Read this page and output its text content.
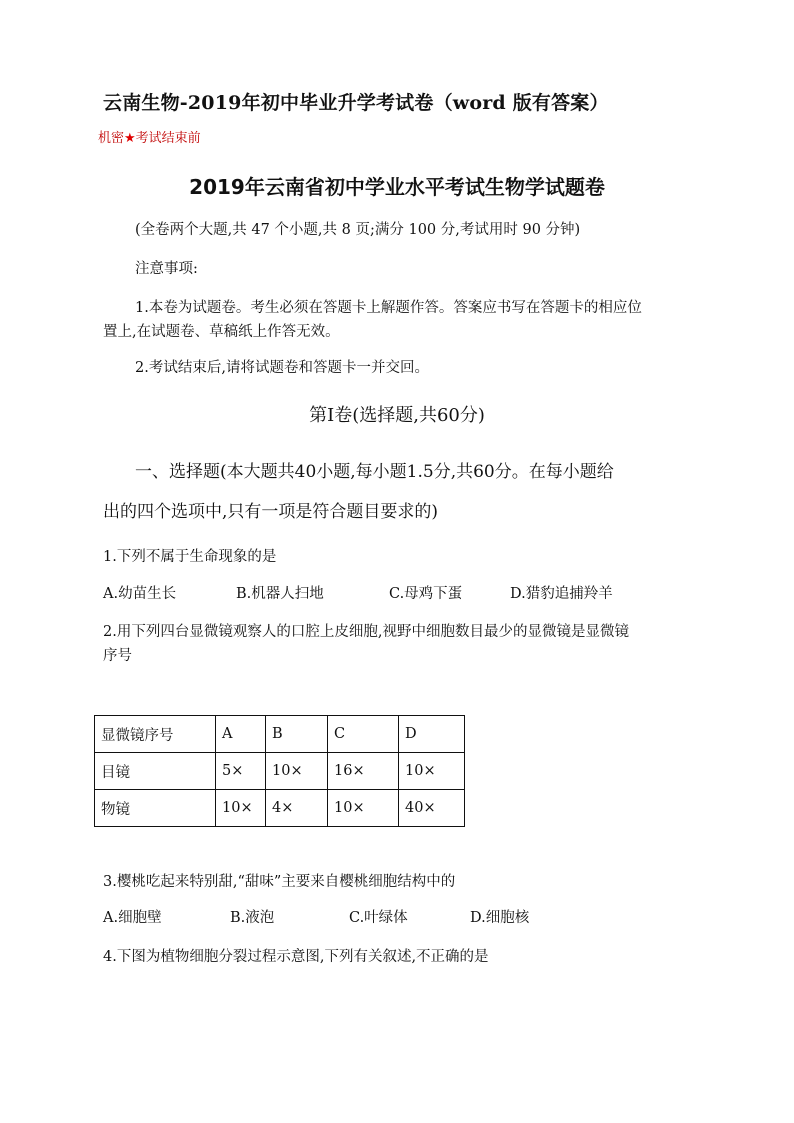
云南生物-2019年初中毕业升学考试卷（word 版有答案）
机密★考试结束前
2019年云南省初中学业水平考试生物学试题卷
(全卷两个大题,共 47 个小题,共 8 页;满分 100 分,考试用时 90 分钟)
注意事项:
1.本卷为试题卷。考生必须在答题卡上解题作答。答案应书写在答题卡的相应位
置上,在试题卷、草稿纸上作答无效。
2.考试结束后,请将试题卷和答题卡一并交回。
第Ⅰ卷(选择题,共60分)
一、选择题(本大题共40小题,每小题1.5分,共60分。在每小题给
出的四个选项中,只有一项是符合题目要求的)
1.下列不属于生命现象的是
A.幼苗生长	B.机器人扫地	C.母鸡下蛋	D.猎豹追捕羚羊
2.用下列四台显微镜观察人的口腔上皮细胞,视野中细胞数目最少的显微镜是显微镜
序号
显微镜序号	A	B	C	D
目镜	5×	10×	16×	10×
物镜	10×	4×	10×	40×
3.樱桃吃起来特别甜,“甜味”主要来自樱桃细胞结构中的
A.细胞壁	B.液泡	C.叶绿体	D.细胞核
4.下图为植物细胞分裂过程示意图,下列有关叙述,不正确的是
